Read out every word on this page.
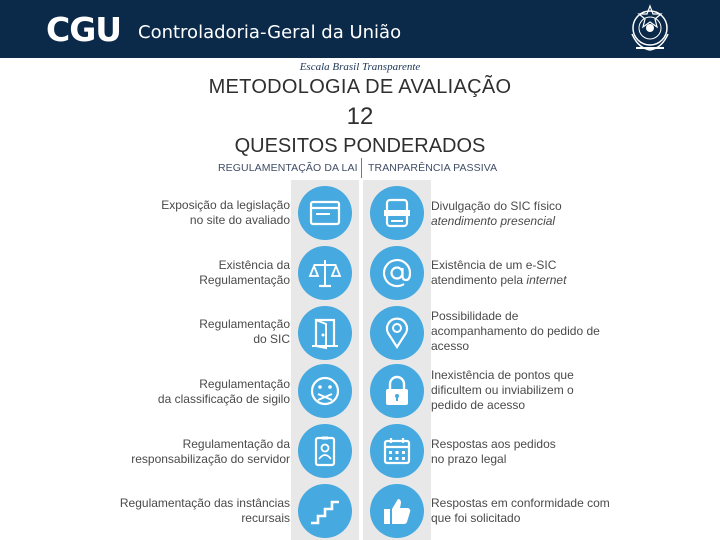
CGU Controladoria-Geral da União
Escala Brasil Transparente
METODOLOGIA DE AVALIAÇÃO
12
QUESITOS PONDERADOS
REGULAMENTAÇÃO DA LAI TRANPARÊNCIA PASSIVA
Exposição da legislação
no site do avaliado
Existência da
Regulamentação
Regulamentação
do SIC
Regulamentação
da classificação de sigilo
Regulamentação da
responsabilização do servidor
Regulamentação das instâncias
recursais
Divulgação do SIC físico
atendimento presencial
Existência de um e-SIC
atendimento pela internet
Possibilidade de acompanhamento do pedido de acesso
Inexistência de pontos que dificultem ou inviabilizem o pedido de acesso
Respostas aos pedidos no prazo legal
Respostas em conformidade com que foi solicitado
